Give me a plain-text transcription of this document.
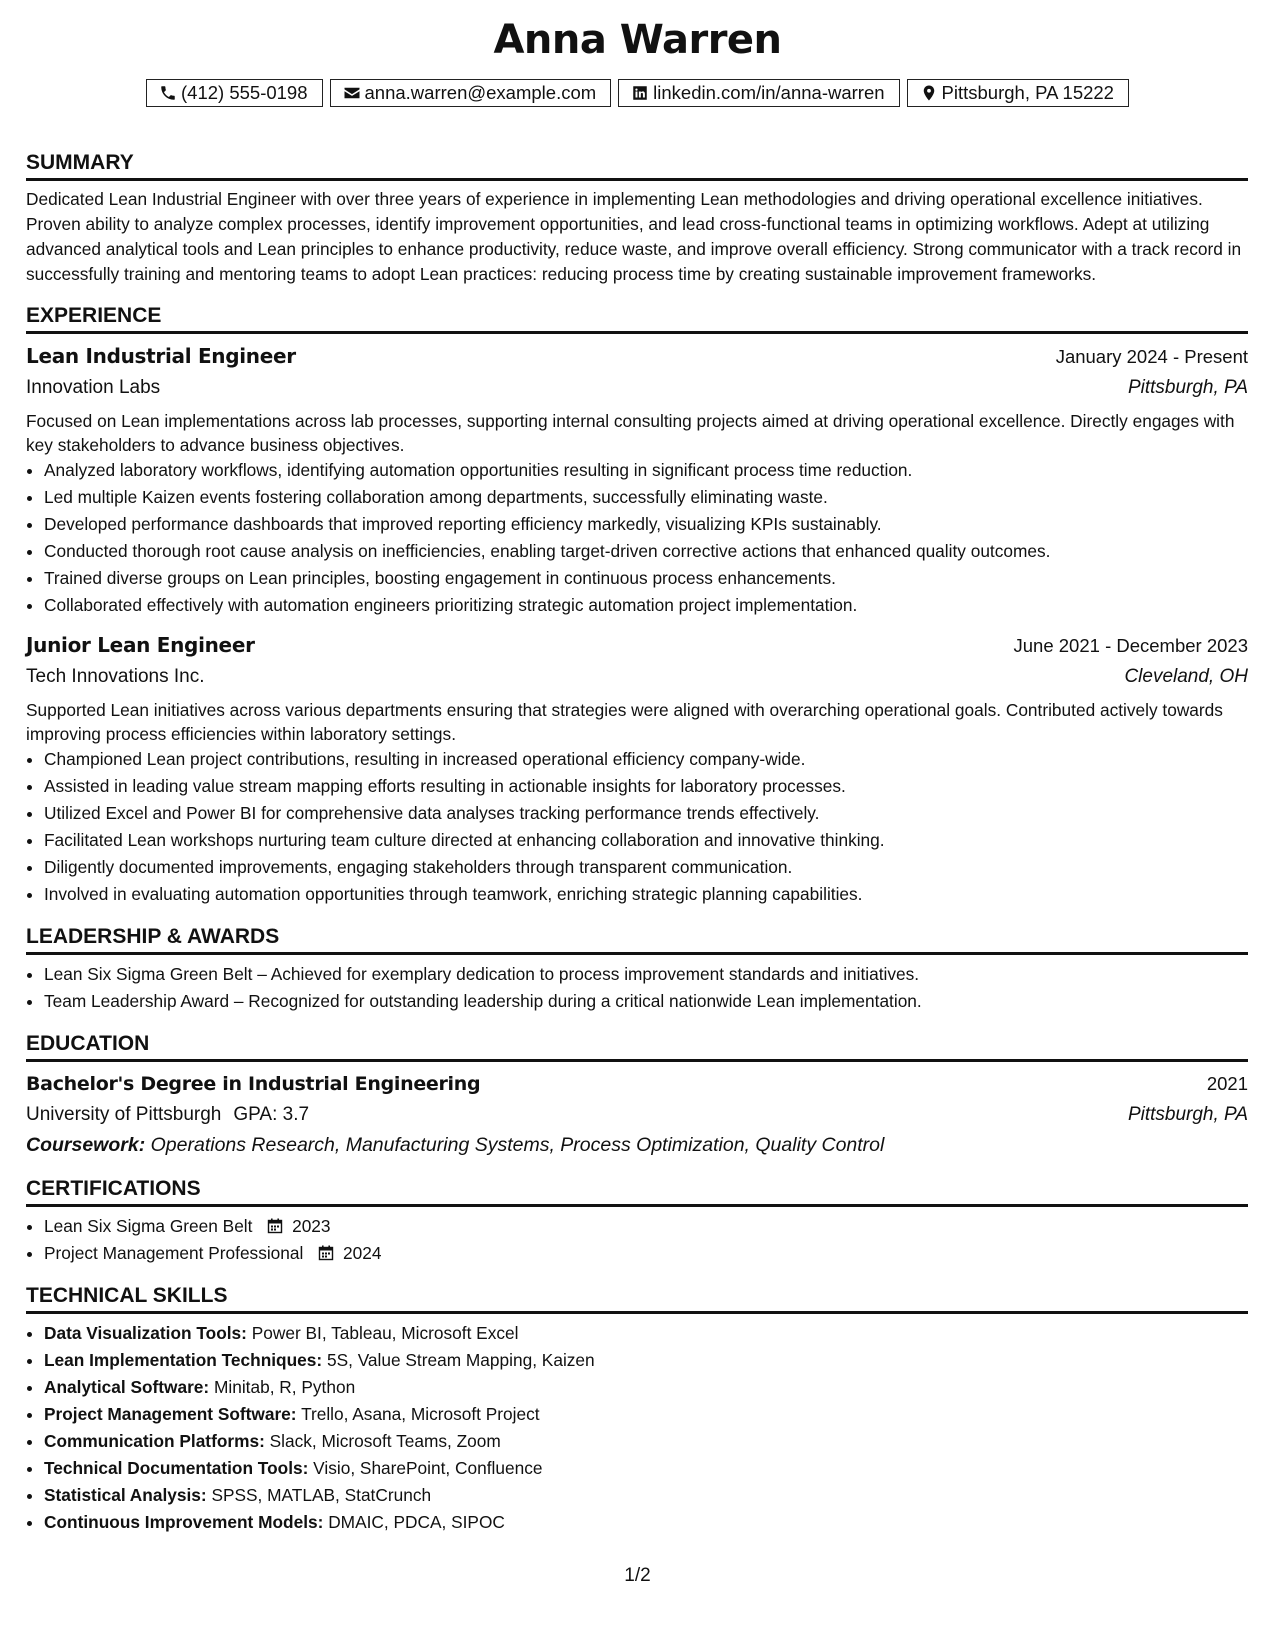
Anna Warren
(412) 555-0198	anna.warren@example.com	linkedin.com/in/anna-warren	Pittsburgh, PA 15222
SUMMARY

Dedicated Lean Industrial Engineer with over three years of experience in implementing Lean methodologies and driving operational excellence initiatives. Proven ability to analyze complex processes, identify improvement opportunities, and lead cross-functional teams in optimizing workflows. Adept at utilizing advanced analytical tools and Lean principles to enhance productivity, reduce waste, and improve overall efficiency. Strong communicator with a track record in successfully training and mentoring teams to adopt Lean practices: reducing process time by creating sustainable improvement frameworks.

EXPERIENCE
Lean Industrial Engineer	January 2024 - Present
Innovation Labs	Pittsburgh, PA

Focused on Lean implementations across lab processes, supporting internal consulting projects aimed at driving operational excellence. Directly engages with key stakeholders to advance business objectives.

• Analyzed laboratory workflows, identifying automation opportunities resulting in significant process time reduction.
• Led multiple Kaizen events fostering collaboration among departments, successfully eliminating waste.
• Developed performance dashboards that improved reporting efficiency markedly, visualizing KPIs sustainably.
• Conducted thorough root cause analysis on inefficiencies, enabling target-driven corrective actions that enhanced quality outcomes.
• Trained diverse groups on Lean principles, boosting engagement in continuous process enhancements.
• Collaborated effectively with automation engineers prioritizing strategic automation project implementation.
Junior Lean Engineer	June 2021 - December 2023
Tech Innovations Inc.	Cleveland, OH

Supported Lean initiatives across various departments ensuring that strategies were aligned with overarching operational goals. Contributed actively towards improving process efficiencies within laboratory settings.

• Championed Lean project contributions, resulting in increased operational efficiency company-wide.
• Assisted in leading value stream mapping efforts resulting in actionable insights for laboratory processes.
• Utilized Excel and Power BI for comprehensive data analyses tracking performance trends effectively.
• Facilitated Lean workshops nurturing team culture directed at enhancing collaboration and innovative thinking.
• Diligently documented improvements, engaging stakeholders through transparent communication.
• Involved in evaluating automation opportunities through teamwork, enriching strategic planning capabilities.
LEADERSHIP & AWARDS
• Lean Six Sigma Green Belt – Achieved for exemplary dedication to process improvement standards and initiatives.
• Team Leadership Award – Recognized for outstanding leadership during a critical nationwide Lean implementation.
EDUCATION
Bachelor's Degree in Industrial Engineering	2021
University of Pittsburgh GPA: 3.7	Pittsburgh, PA
Coursework: Operations Research, Manufacturing Systems, Process Optimization, Quality Control
CERTIFICATIONS
• Lean Six Sigma Green Belt 2023
• Project Management Professional 2024
TECHNICAL SKILLS
• Data Visualization Tools: Power BI, Tableau, Microsoft Excel
• Lean Implementation Techniques: 5S, Value Stream Mapping, Kaizen
• Analytical Software: Minitab, R, Python
• Project Management Software: Trello, Asana, Microsoft Project
• Communication Platforms: Slack, Microsoft Teams, Zoom
• Technical Documentation Tools: Visio, SharePoint, Confluence
• Statistical Analysis: SPSS, MATLAB, StatCrunch
• Continuous Improvement Models: DMAIC, PDCA, SIPOC
1/2
